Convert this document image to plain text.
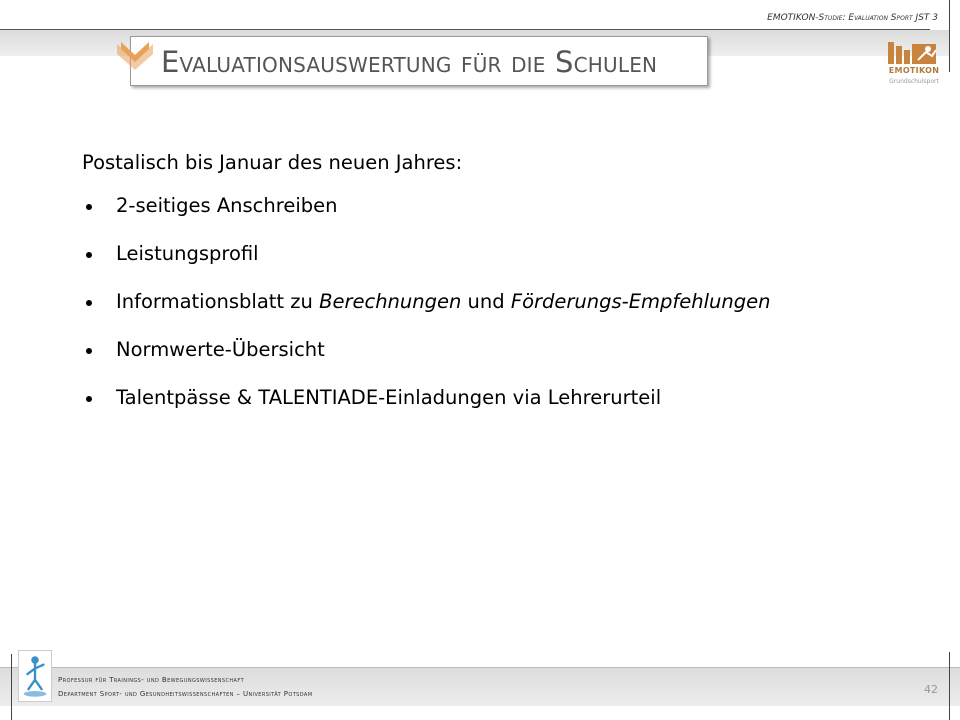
EMOTIKON-Studie: Evaluation Sport JST 3
Evaluationsauswertung für die Schulen	EMOTIKON
Grundschulsport

Postalisch bis Januar des neuen Jahres:

2-seitiges Anschreiben
Leistungsprofil
Informationsblatt zu Berechnungen und Förderungs-Empfehlungen
Normwerte-Übersicht
Talentpässe & TALENTIADE-Einladungen via Lehrerurteil
Professur für Trainings- und Bewegungswissenschaft
Department Sport- und Gesundheitswissenschaften – Universität Potsdam	42
